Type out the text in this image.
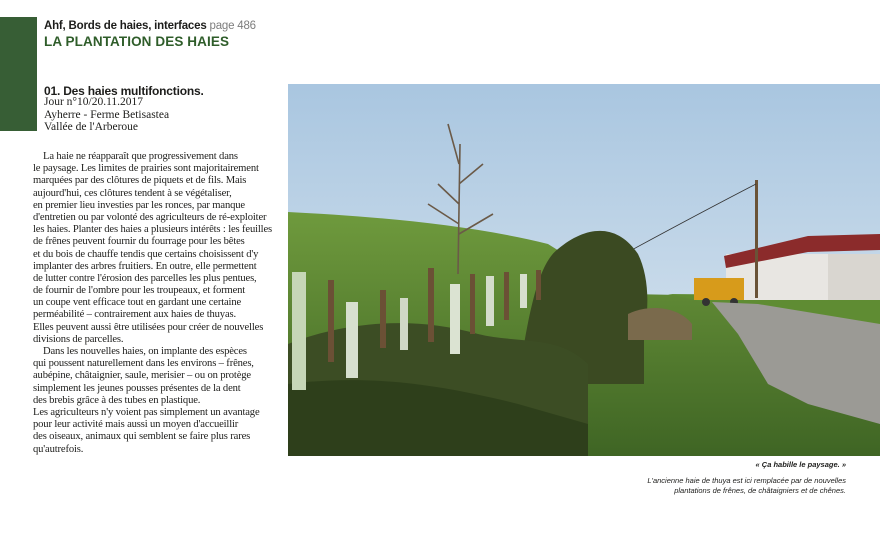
Ahf, Bords de haies, interfaces page 486
LA PLANTATION DES HAIES
01. Des haies multifonctions.
Jour n°10/20.11.2017
Ayherre - Ferme Betisastea
Vallée de l'Arberoue
La haie ne réapparaît que progressivement dans
le paysage. Les limites de prairies sont majoritairement
marquées par des clôtures de piquets et de fils. Mais
aujourd'hui, ces clôtures tendent à se végétaliser,
en premier lieu investies par les ronces, par manque
d'entretien ou par volonté des agriculteurs de ré-exploiter
les haies. Planter des haies a plusieurs intérêts : les feuilles
de frênes peuvent fournir du fourrage pour les bêtes
et du bois de chauffe tendis que certains choisissent d'y
implanter des arbres fruitiers. En outre, elle permettent
de lutter contre l'érosion des parcelles les plus pentues,
de fournir de l'ombre pour les troupeaux, et forment
un coupe vent efficace tout en gardant une certaine
perméabilité – contrairement aux haies de thuyas.
Elles peuvent aussi être utilisées pour créer de nouvelles
divisions de parcelles.
Dans les nouvelles haies, on implante des espèces
qui poussent naturellement dans les environs – frênes,
aubépine, châtaignier, saule, merisier – ou on protège
simplement les jeunes pousses présentes de la dent
des brebis grâce à des tubes en plastique.
Les agriculteurs n'y voient pas simplement un avantage
pour leur activité mais aussi un moyen d'accueillir
des oiseaux, animaux qui semblent se faire plus rares
qu'autrefois.
« Ça habille le paysage. »
L'ancienne haie de thuya est ici remplacée par de nouvelles
plantations de frênes, de châtaigniers et de chênes.
